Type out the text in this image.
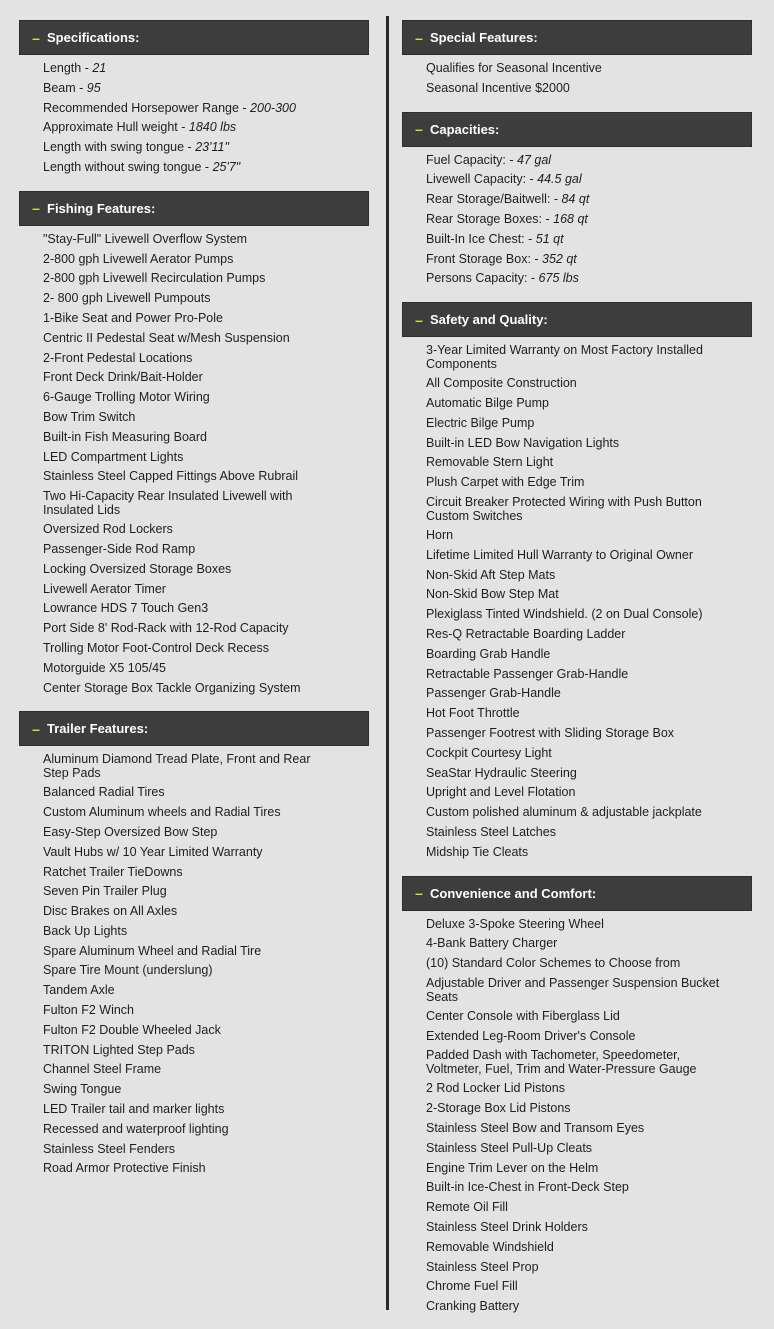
– Specifications:
Length - 21
Beam - 95
Recommended Horsepower Range - 200-300
Approximate Hull weight - 1840 lbs
Length with swing tongue - 23'11"
Length without swing tongue - 25'7"
– Fishing Features:
"Stay-Full" Livewell Overflow System
2-800 gph Livewell Aerator Pumps
2-800 gph Livewell Recirculation Pumps
2- 800 gph Livewell Pumpouts
1-Bike Seat and Power Pro-Pole
Centric II Pedestal Seat w/Mesh Suspension
2-Front Pedestal Locations
Front Deck Drink/Bait-Holder
6-Gauge Trolling Motor Wiring
Bow Trim Switch
Built-in Fish Measuring Board
LED Compartment Lights
Stainless Steel Capped Fittings Above Rubrail
Two Hi-Capacity Rear Insulated Livewell with Insulated Lids
Oversized Rod Lockers
Passenger-Side Rod Ramp
Locking Oversized Storage Boxes
Livewell Aerator Timer
Lowrance HDS 7 Touch Gen3
Port Side 8' Rod-Rack with 12-Rod Capacity
Trolling Motor Foot-Control Deck Recess
Motorguide X5 105/45
Center Storage Box Tackle Organizing System
– Trailer Features:
Aluminum Diamond Tread Plate, Front and Rear Step Pads
Balanced Radial Tires
Custom Aluminum wheels and Radial Tires
Easy-Step Oversized Bow Step
Vault Hubs w/ 10 Year Limited Warranty
Ratchet Trailer TieDowns
Seven Pin Trailer Plug
Disc Brakes on All Axles
Back Up Lights
Spare Aluminum Wheel and Radial Tire
Spare Tire Mount (underslung)
Tandem Axle
Fulton F2 Winch
Fulton F2 Double Wheeled Jack
TRITON Lighted Step Pads
Channel Steel Frame
Swing Tongue
LED Trailer tail and marker lights
Recessed and waterproof lighting
Stainless Steel Fenders
Road Armor Protective Finish
– Special Features:
Qualifies for Seasonal Incentive
Seasonal Incentive $2000
– Capacities:
Fuel Capacity: - 47 gal
Livewell Capacity: - 44.5 gal
Rear Storage/Baitwell: - 84 qt
Rear Storage Boxes: - 168 qt
Built-In Ice Chest: - 51 qt
Front Storage Box: - 352 qt
Persons Capacity: - 675 lbs
– Safety and Quality:
3-Year Limited Warranty on Most Factory Installed Components
All Composite Construction
Automatic Bilge Pump
Electric Bilge Pump
Built-in LED Bow Navigation Lights
Removable Stern Light
Plush Carpet with Edge Trim
Circuit Breaker Protected Wiring with Push Button Custom Switches
Horn
Lifetime Limited Hull Warranty to Original Owner
Non-Skid Aft Step Mats
Non-Skid Bow Step Mat
Plexiglass Tinted Windshield. (2 on Dual Console)
Res-Q Retractable Boarding Ladder
Boarding Grab Handle
Retractable Passenger Grab-Handle
Passenger Grab-Handle
Hot Foot Throttle
Passenger Footrest with Sliding Storage Box
Cockpit Courtesy Light
SeaStar Hydraulic Steering
Upright and Level Flotation
Custom polished aluminum & adjustable jackplate
Stainless Steel Latches
Midship Tie Cleats
– Convenience and Comfort:
Deluxe 3-Spoke Steering Wheel
4-Bank Battery Charger
(10) Standard Color Schemes to Choose from
Adjustable Driver and Passenger Suspension Bucket Seats
Center Console with Fiberglass Lid
Extended Leg-Room Driver's Console
Padded Dash with Tachometer, Speedometer, Voltmeter, Fuel, Trim and Water-Pressure Gauge
2 Rod Locker Lid Pistons
2-Storage Box Lid Pistons
Stainless Steel Bow and Transom Eyes
Stainless Steel Pull-Up Cleats
Engine Trim Lever on the Helm
Built-in Ice-Chest in Front-Deck Step
Remote Oil Fill
Stainless Steel Drink Holders
Removable Windshield
Stainless Steel Prop
Chrome Fuel Fill
Cranking Battery
